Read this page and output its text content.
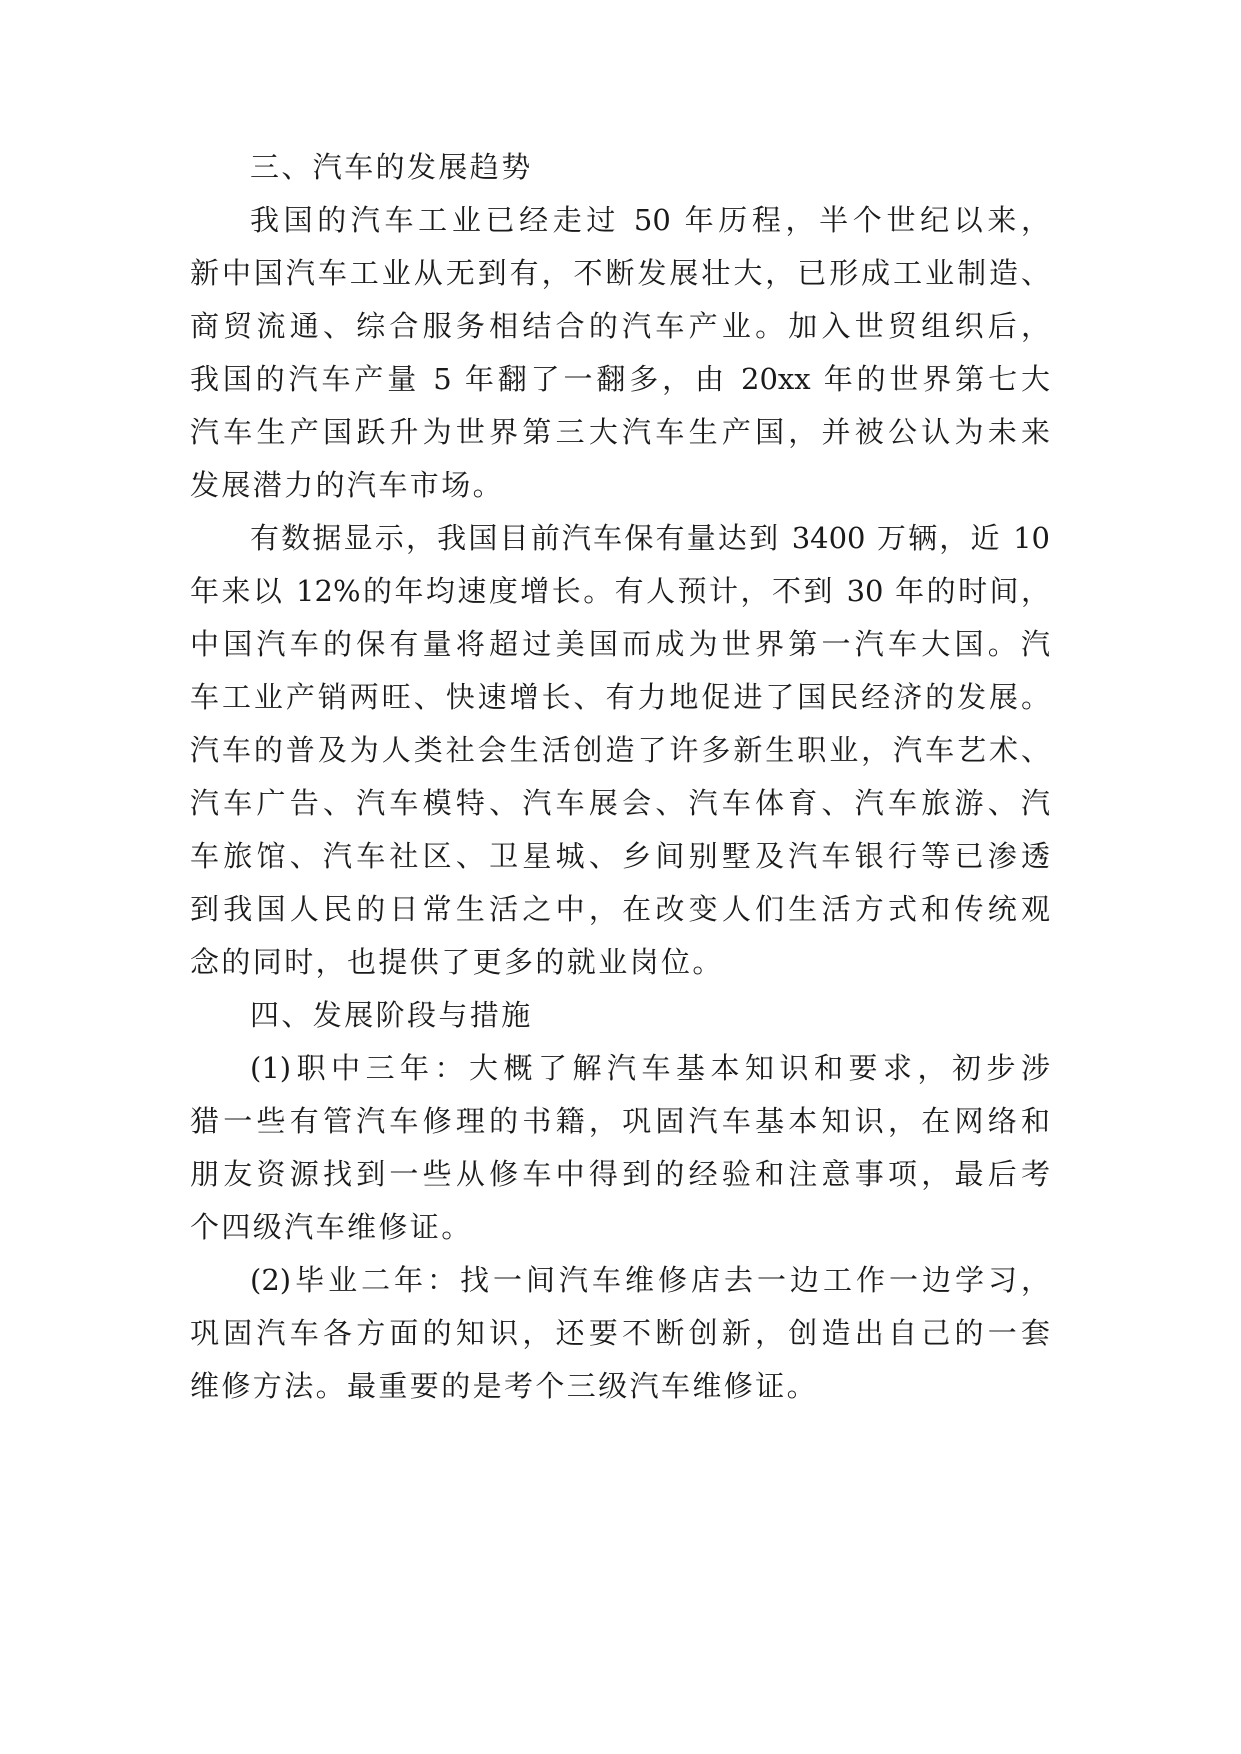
三、汽车的发展趋势
我国的汽车工业已经走过 50 年历程，半个世纪以来，
新中国汽车工业从无到有，不断发展壮大，已形成工业制造、
商贸流通、综合服务相结合的汽车产业。加入世贸组织后，
我国的汽车产量 5 年翻了一翻多，由 20xx 年的世界第七大
汽车生产国跃升为世界第三大汽车生产国，并被公认为未来
发展潜力的汽车市场。
有数据显示，我国目前汽车保有量达到 3400 万辆，近 10
年来以 12%的年均速度增长。有人预计，不到 30 年的时间，
中国汽车的保有量将超过美国而成为世界第一汽车大国。汽
车工业产销两旺、快速增长、有力地促进了国民经济的发展。
汽车的普及为人类社会生活创造了许多新生职业，汽车艺术、
汽车广告、汽车模特、汽车展会、汽车体育、汽车旅游、汽
车旅馆、汽车社区、卫星城、乡间别墅及汽车银行等已渗透
到我国人民的日常生活之中，在改变人们生活方式和传统观
念的同时，也提供了更多的就业岗位。
四、发展阶段与措施
(1)职中三年：大概了解汽车基本知识和要求，初步涉
猎一些有管汽车修理的书籍，巩固汽车基本知识，在网络和
朋友资源找到一些从修车中得到的经验和注意事项，最后考
个四级汽车维修证。
(2)毕业二年：找一间汽车维修店去一边工作一边学习，
巩固汽车各方面的知识，还要不断创新，创造出自己的一套
维修方法。最重要的是考个三级汽车维修证。
